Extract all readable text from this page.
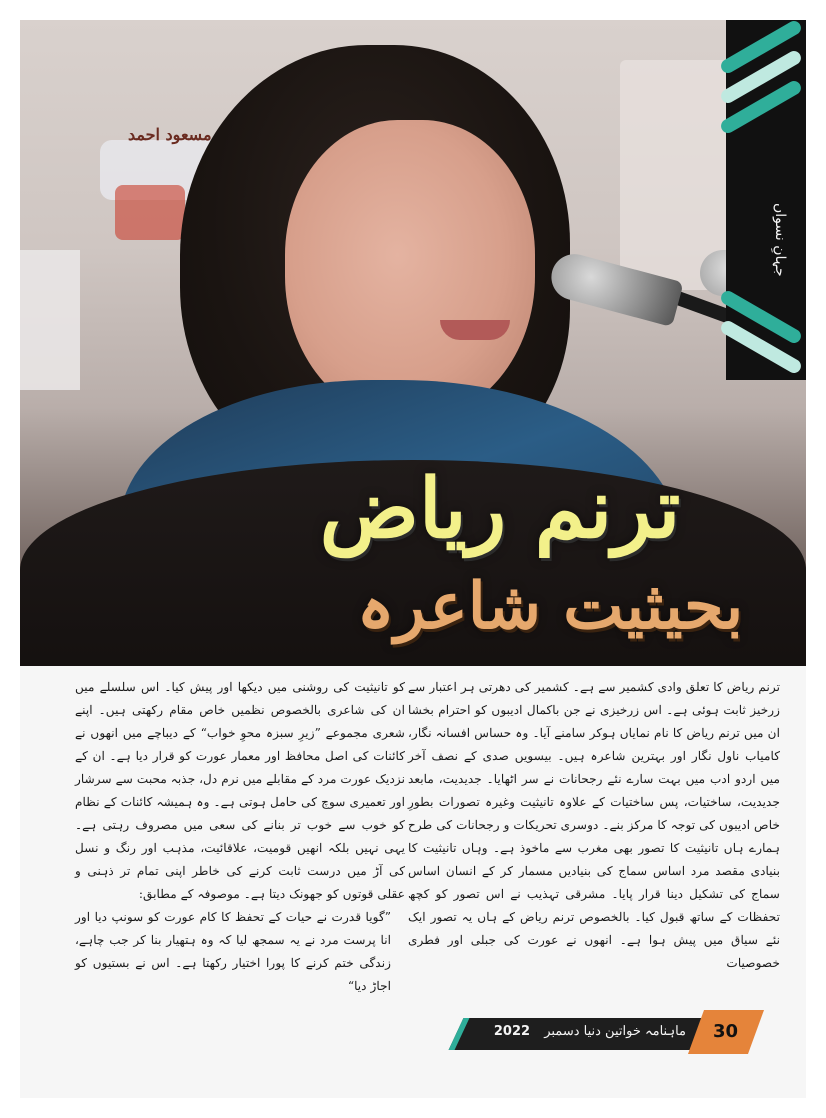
جہانِ نسواں
مسعود احمد
ترنم ریاض
بحیثیت شاعرہ
ترنم ریاض کا تعلق وادی کشمیر سے ہے۔ کشمیر کی دھرتی ہر اعتبار سے زرخیز ثابت ہوئی ہے۔ اس زرخیزی نے جن باکمال ادیبوں کو احترام بخشا ان میں ترنم ریاض کا نام نمایاں ہوکر سامنے آیا۔ وہ حساس افسانہ نگار، کامیاب ناول نگار اور بہترین شاعرہ ہیں۔ بیسویں صدی کے نصف آخر میں اردو ادب میں بہت سارے نئے رجحانات نے سر اٹھایا۔ جدیدیت، مابعد جدیدیت، ساختیات، پس ساختیات کے علاوہ تانیثیت وغیرہ تصورات بطورِ خاص ادیبوں کی توجہ کا مرکز بنے۔ دوسری تحریکات و رجحانات کی طرح ہمارے ہاں تانیثیت کا تصور بھی مغرب سے ماخوذ ہے۔ وہاں تانیثیت کا بنیادی مقصد مرد اساس سماج کی بنیادیں مسمار کر کے انسان اساس سماج کی تشکیل دینا قرار پایا۔ مشرقی تہذیب نے اس تصور کو کچھ تحفظات کے ساتھ قبول کیا۔ بالخصوص ترنم ریاض کے ہاں یہ تصور ایک نئے سیاق میں پیش ہوا ہے۔ انھوں نے عورت کی جبلی اور فطری خصوصیات
کو تانیثیت کی روشنی میں دیکھا اور پیش کیا۔ اس سلسلے میں ان کی شاعری بالخصوص نظمیں خاص مقام رکھتی ہیں۔ اپنے شعری مجموعے ”زیرِ سبزہ محوِ خواب“ کے دیباچے میں انھوں نے کائنات کی اصل محافظ اور معمار عورت کو قرار دیا ہے۔ ان کے نزدیک عورت مرد کے مقابلے میں نرم دل، جذبہ محبت سے سرشار اور تعمیری سوچ کی حامل ہوتی ہے۔ وہ ہمیشہ کائنات کے نظام کو خوب سے خوب تر بنانے کی سعی میں مصروف رہتی ہے۔ یہی نہیں بلکہ انھیں قومیت، علاقائیت، مذہب اور رنگ و نسل کی آڑ میں درست ثابت کرنے کی خاطر اپنی تمام تر ذہنی و عقلی قوتوں کو جھونک دیتا ہے۔ موصوفہ کے مطابق:
”گویا قدرت نے حیات کے تحفظ کا کام عورت کو سونپ دیا اور انا پرست مرد نے یہ سمجھ لیا کہ وہ ہتھیار بنا کر جب چاہے، زندگی ختم کرنے کا پورا اختیار رکھتا ہے۔ اس نے بستیوں کو اجاڑ دیا“
ماہنامہ خواتین دنیا دسمبر 2022	30
